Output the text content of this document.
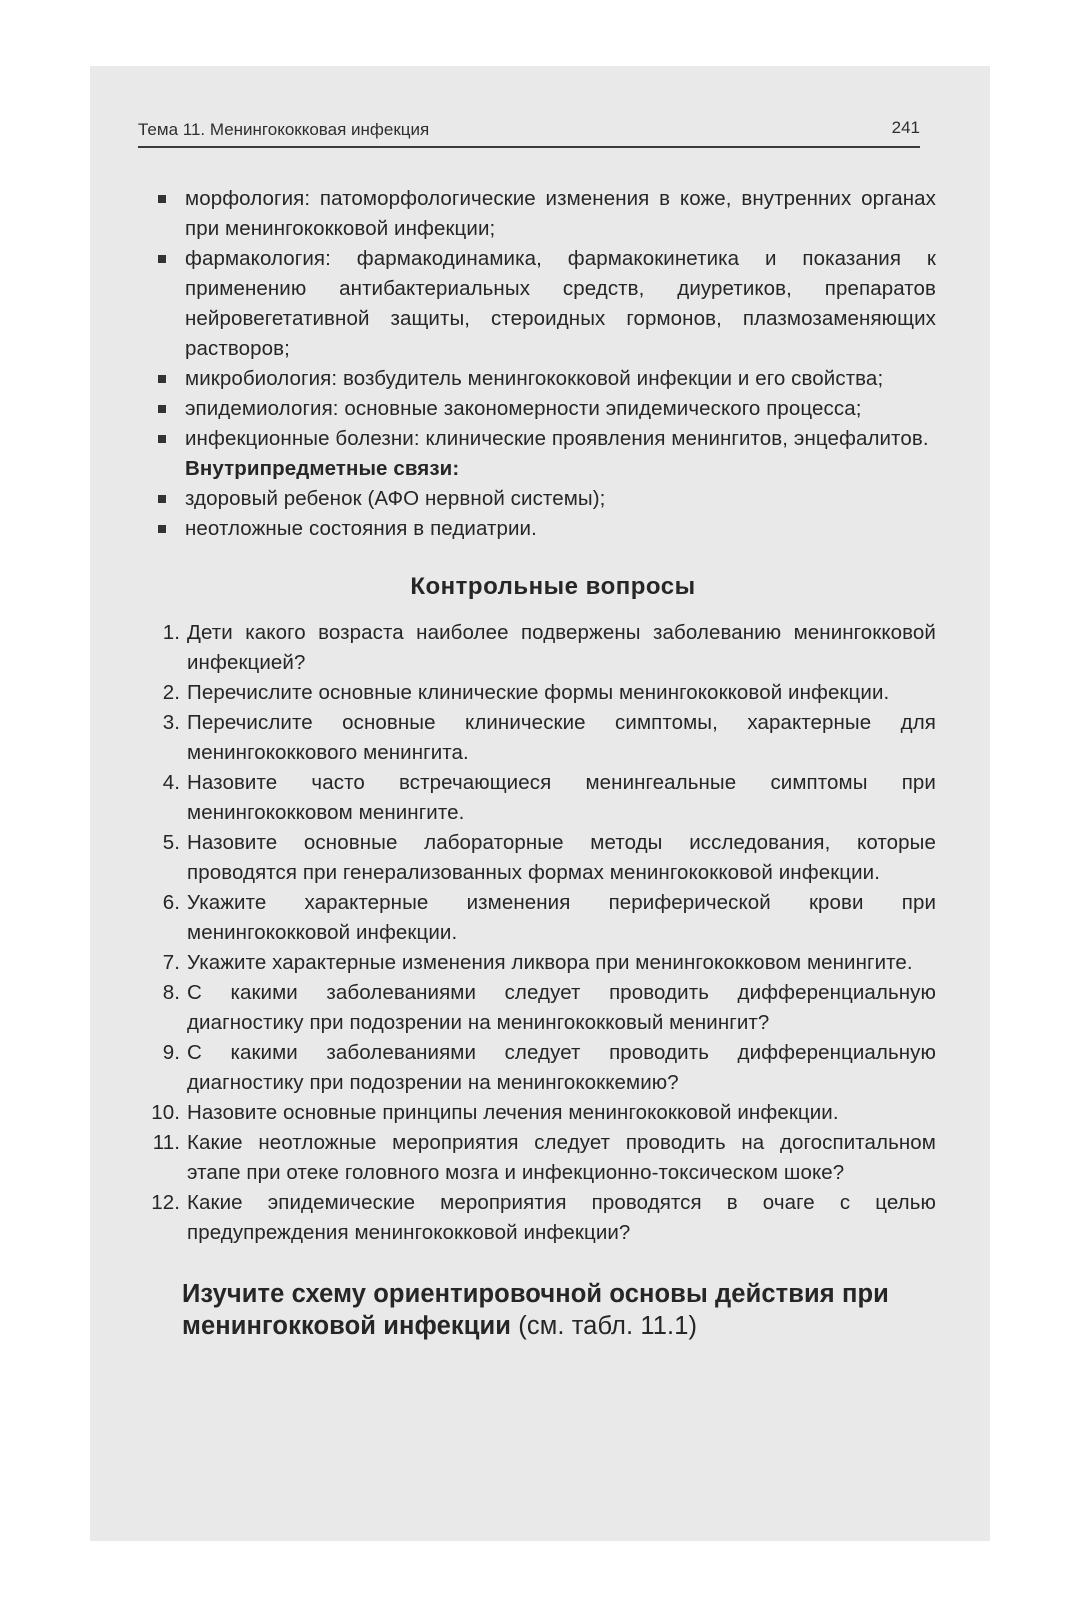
Тема 11. Менингококковая инфекция	241
морфология: патоморфологические изменения в коже, внутренних органах при менингококковой инфекции;
фармакология: фармакодинамика, фармакокинетика и показания к применению антибактериальных средств, диуретиков, препаратов нейровегетативной защиты, стероидных гормонов, плазмозаменяющих растворов;
микробиология: возбудитель менингококковой инфекции и его свойства;
эпидемиология: основные закономерности эпидемического процесса;
инфекционные болезни: клинические проявления менингитов, энцефалитов.
Внутрипредметные связи:
здоровый ребенок (АФО нервной системы);
неотложные состояния в педиатрии.
Контрольные вопросы
1. Дети какого возраста наиболее подвержены заболеванию менингокковой инфекцией?
2. Перечислите основные клинические формы менингококковой инфекции.
3. Перечислите основные клинические симптомы, характерные для менингококкового менингита.
4. Назовите часто встречающиеся менингеальные симптомы при менингококковом менингите.
5. Назовите основные лабораторные методы исследования, которые проводятся при генерализованных формах менингококковой инфекции.
6. Укажите характерные изменения периферической крови при менингококковой инфекции.
7. Укажите характерные изменения ликвора при менингококковом менингите.
8. С какими заболеваниями следует проводить дифференциальную диагностику при подозрении на менингококковый менингит?
9. С какими заболеваниями следует проводить дифференциальную диагностику при подозрении на менингококкемию?
10. Назовите основные принципы лечения менингококковой инфекции.
11. Какие неотложные мероприятия следует проводить на догоспитальном этапе при отеке головного мозга и инфекционно-токсическом шоке?
12. Какие эпидемические мероприятия проводятся в очаге с целью предупреждения менингококковой инфекции?
Изучите схему ориентировочной основы действия при менингокковой инфекции (см. табл. 11.1)
